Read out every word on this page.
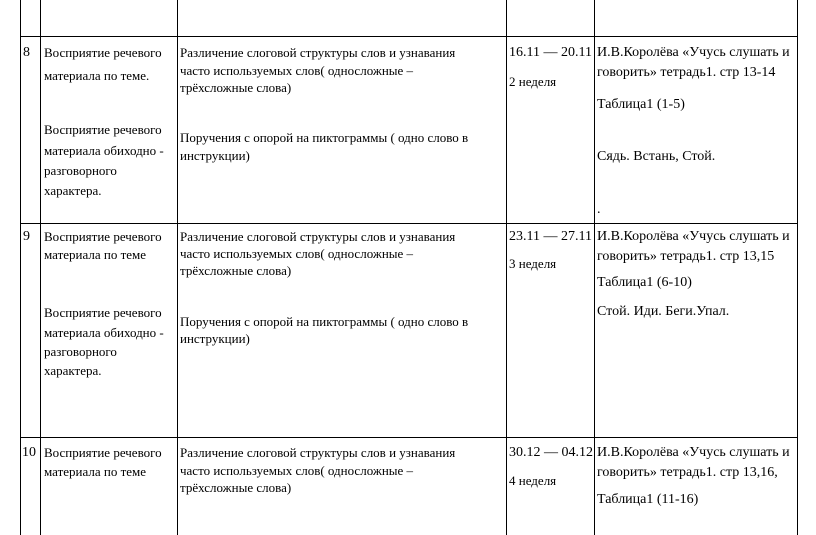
8 Восприятие речевого
материала по теме.
Восприятие речевого
материала обиходно -
разговорного
характера.
Различение слоговой структуры слов и узнавания
часто используемых слов( односложные –
трёхсложные слова)
Поручения с опорой на пиктограммы ( одно слово в
инструкции)
16.11 — 20.11
2 неделя
И.В.Королёва «Учусь слушать и
говорить» тетрадь1. стр 13-14
Таблица1 (1-5)
Сядь. Встань, Стой.
.
9 Восприятие речевого
материала по теме
Восприятие речевого
материала обиходно -
разговорного
характера.
Различение слоговой структуры слов и узнавания
часто используемых слов( односложные –
трёхсложные слова)
Поручения с опорой на пиктограммы ( одно слово в
инструкции)
23.11 — 27.11
3 неделя
И.В.Королёва «Учусь слушать и
говорить» тетрадь1. стр 13,15
Таблица1 (6-10)
Стой. Иди. Беги.Упал.
10 Восприятие речевого
материала по теме
Различение слоговой структуры слов и узнавания
часто используемых слов( односложные –
трёхсложные слова)
30.12 — 04.12
4 неделя
И.В.Королёва «Учусь слушать и
говорить» тетрадь1. стр 13,16,
Таблица1 (11-16)
